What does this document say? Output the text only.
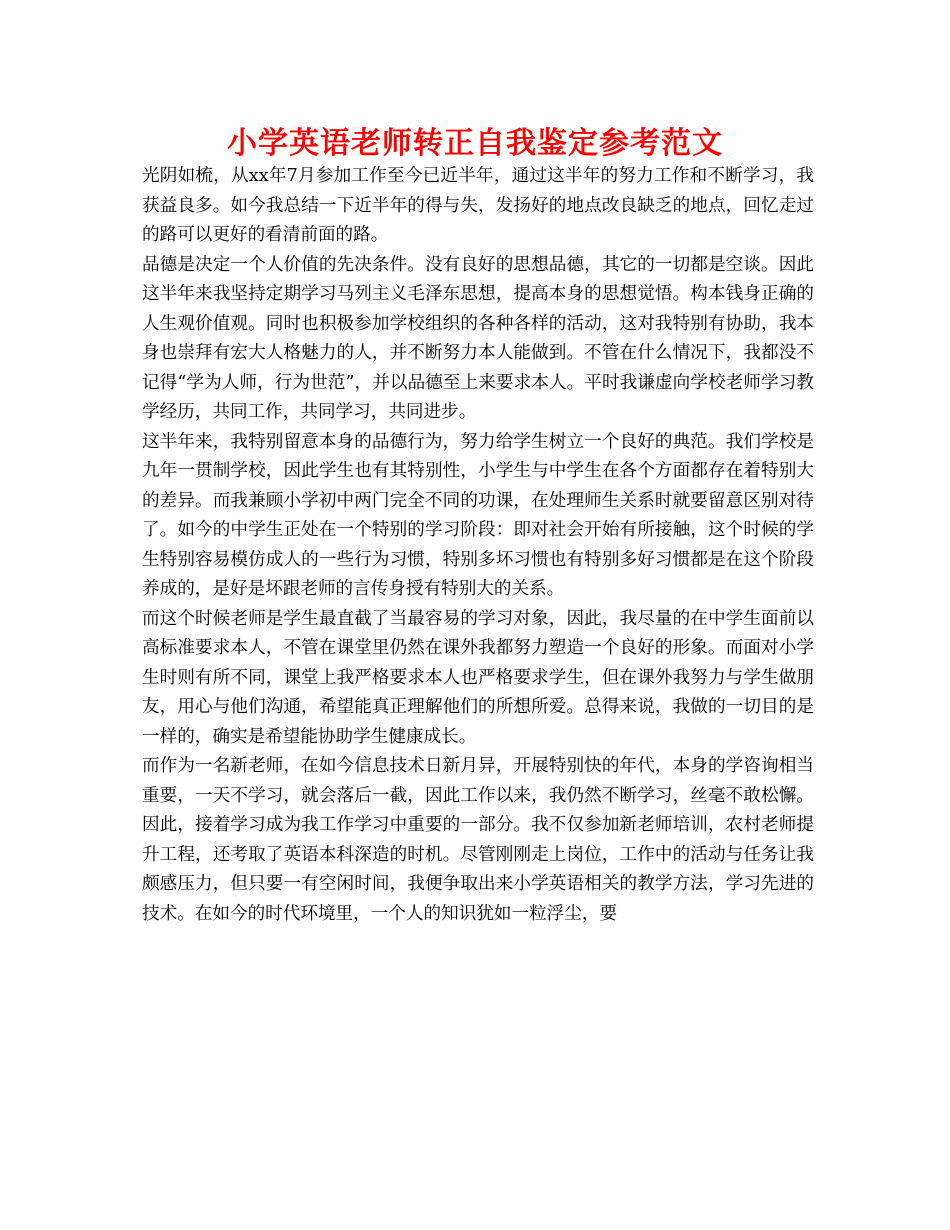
小学英语老师转正自我鉴定参考范文

光阴如梳，从xx年7月参加工作至今已近半年，通过这半年的努力工作和不断学习，我获益良多。如今我总结一下近半年的得与失，发扬好的地点改良缺乏的地点，回忆走过的路可以更好的看清前面的路。

品德是决定一个人价值的先决条件。没有良好的思想品德，其它的一切都是空谈。因此这半年来我坚持定期学习马列主义毛泽东思想，提高本身的思想觉悟。构本钱身正确的人生观价值观。同时也积极参加学校组织的各种各样的活动，这对我特别有协助，我本身也崇拜有宏大人格魅力的人，并不断努力本人能做到。不管在什么情况下，我都没不记得“学为人师，行为世范”，并以品德至上来要求本人。平时我谦虚向学校老师学习教学经历，共同工作，共同学习，共同进步。

这半年来，我特别留意本身的品德行为，努力给学生树立一个良好的典范。我们学校是九年一贯制学校，因此学生也有其特别性，小学生与中学生在各个方面都存在着特别大的差异。而我兼顾小学初中两门完全不同的功课，在处理师生关系时就要留意区别对待了。如今的中学生正处在一个特别的学习阶段：即对社会开始有所接触，这个时候的学生特别容易模仿成人的一些行为习惯，特别多坏习惯也有特别多好习惯都是在这个阶段养成的，是好是坏跟老师的言传身授有特别大的关系。

而这个时候老师是学生最直截了当最容易的学习对象，因此，我尽量的在中学生面前以高标准要求本人，不管在课堂里仍然在课外我都努力塑造一个良好的形象。而面对小学生时则有所不同，课堂上我严格要求本人也严格要求学生，但在课外我努力与学生做朋友，用心与他们沟通，希望能真正理解他们的所想所爱。总得来说，我做的一切目的是一样的，确实是希望能协助学生健康成长。

而作为一名新老师，在如今信息技术日新月异，开展特别快的年代，本身的学咨询相当重要，一天不学习，就会落后一截，因此工作以来，我仍然不断学习，丝毫不敢松懈。因此，接着学习成为我工作学习中重要的一部分。我不仅参加新老师培训，农村老师提升工程，还考取了英语本科深造的时机。尽管刚刚走上岗位，工作中的活动与任务让我颇感压力，但只要一有空闲时间，我便争取出来小学英语相关的教学方法，学习先进的技术。在如今的时代环境里，一个人的知识犹如一粒浮尘，要
